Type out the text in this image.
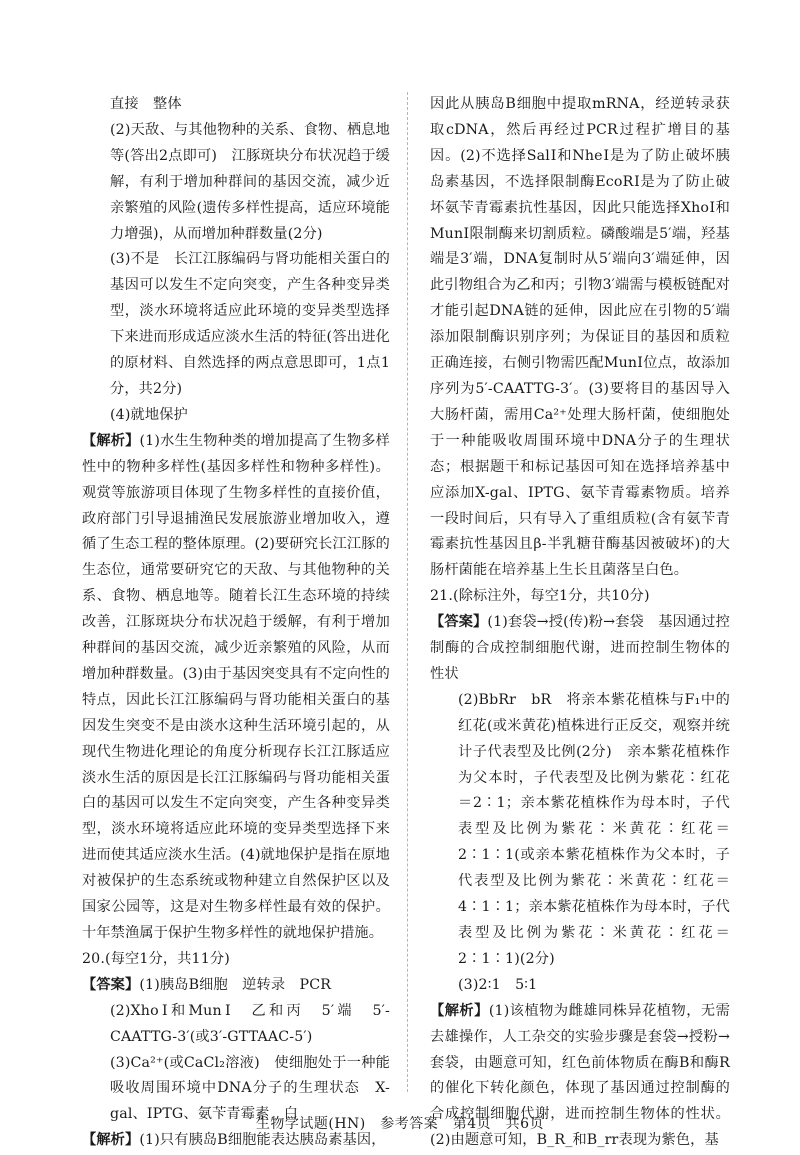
直接　整体

(2)天敌、与其他物种的关系、食物、栖息地等(答出2点即可)　江豚斑块分布状况趋于缓解，有利于增加种群间的基因交流，减少近亲繁殖的风险(遗传多样性提高，适应环境能力增强)，从而增加种群数量(2分)

(3)不是　长江江豚编码与肾功能相关蛋白的基因可以发生不定向突变，产生各种变异类型，淡水环境将适应此环境的变异类型选择下来进而形成适应淡水生活的特征(答出进化的原材料、自然选择的两点意思即可，1点1分，共2分)

(4)就地保护

【解析】(1)水生生物种类的增加提高了生物多样性中的物种多样性(基因多样性和物种多样性)。观赏等旅游项目体现了生物多样性的直接价值，政府部门引导退捕渔民发展旅游业增加收入，遵循了生态工程的整体原理。(2)要研究长江江豚的生态位，通常要研究它的天敌、与其他物种的关系、食物、栖息地等。随着长江生态环境的持续改善，江豚斑块分布状况趋于缓解，有利于增加种群间的基因交流，减少近亲繁殖的风险，从而增加种群数量。(3)由于基因突变具有不定向性的特点，因此长江江豚编码与肾功能相关蛋白的基因发生突变不是由淡水这种生活环境引起的，从现代生物进化理论的角度分析现存长江江豚适应淡水生活的原因是长江江豚编码与肾功能相关蛋白的基因可以发生不定向突变，产生各种变异类型，淡水环境将适应此环境的变异类型选择下来进而使其适应淡水生活。(4)就地保护是指在原地对被保护的生态系统或物种建立自然保护区以及国家公园等，这是对生物多样性最有效的保护。十年禁渔属于保护生物多样性的就地保护措施。

20.(每空1分，共11分)

【答案】(1)胰岛B细胞　逆转录　PCR

(2)XhoⅠ和MunⅠ　乙和丙　5′端　5′-CAATTG-3′(或3′-GTTAAC-5′)

(3)Ca²⁺(或CaCl₂溶液)　使细胞处于一种能吸收周围环境中DNA分子的生理状态　X-gal、IPTG、氨苄青霉素　白

【解析】(1)只有胰岛B细胞能表达胰岛素基因，

因此从胰岛B细胞中提取mRNA，经逆转录获取cDNA，然后再经过PCR过程扩增目的基因。(2)不选择SalⅠ和NheⅠ是为了防止破坏胰岛素基因，不选择限制酶EcoRⅠ是为了防止破坏氨苄青霉素抗性基因，因此只能选择XhoⅠ和MunⅠ限制酶来切割质粒。磷酸端是5′端，羟基端是3′端，DNA复制时从5′端向3′端延伸，因此引物组合为乙和丙；引物3′端需与模板链配对才能引起DNA链的延伸，因此应在引物的5′端添加限制酶识别序列；为保证目的基因和质粒正确连接，右侧引物需匹配MunⅠ位点，故添加序列为5′-CAATTG-3′。(3)要将目的基因导入大肠杆菌，需用Ca²⁺处理大肠杆菌，使细胞处于一种能吸收周围环境中DNA分子的生理状态；根据题干和标记基因可知在选择培养基中应添加X-gal、IPTG、氨苄青霉素物质。培养一段时间后，只有导入了重组质粒(含有氨苄青霉素抗性基因且β-半乳糖苷酶基因被破坏)的大肠杆菌能在培养基上生长且菌落呈白色。

21.(除标注外，每空1分，共10分)

【答案】(1)套袋→授(传)粉→套袋　基因通过控制酶的合成控制细胞代谢，进而控制生物体的性状

(2)BbRr　bR　将亲本紫花植株与F₁中的红花(或米黄花)植株进行正反交，观察并统计子代表型及比例(2分)　亲本紫花植株作为父本时，子代表型及比例为紫花∶红花＝2∶1；亲本紫花植株作为母本时，子代表型及比例为紫花∶米黄花∶红花＝2∶1∶1(或亲本紫花植株作为父本时，子代表型及比例为紫花∶米黄花∶红花＝4∶1∶1；亲本紫花植株作为母本时，子代表型及比例为紫花∶米黄花∶红花＝2∶1∶1)(2分)

(3)2∶1　5∶1

【解析】(1)该植物为雌雄同株异花植物，无需去雄操作，人工杂交的实验步骤是套袋→授粉→套袋，由题意可知，红色前体物质在酶B和酶R的催化下转化颜色，体现了基因通过控制酶的合成控制细胞代谢，进而控制生物体的性状。(2)由题意可知，B_R_和B_rr表现为紫色，基

生物学试题(HN)　参考答案　第4页　共6页
